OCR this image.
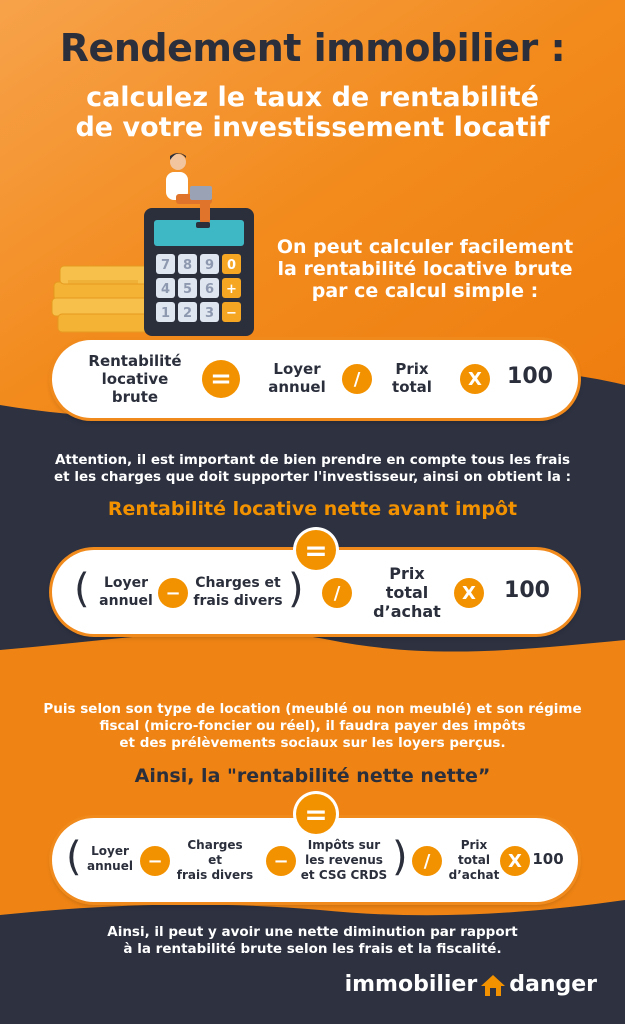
Rendement immobilier :
calculez le taux de rentabilité
de votre investissement locatif
7 8 9
4 5 6
1 2 3
0
+
−
On peut calculer facilement
la rentabilité locative brute
par ce calcul simple :
Rentabilité
locative
brute
=	Loyer
annuel	/	Prix
total	X	100
Attention, il est important de bien prendre en compte tous les frais
et les charges que doit supporter l'investisseur, ainsi on obtient la :
Rentabilité locative nette avant impôt
(	Loyer
annuel −	Charges et
frais divers )	/
Prix
total
d’achat
X	100
=
Puis selon son type de location (meublé ou non meublé) et son régime
fiscal (micro-foncier ou réel), il faudra payer des impôts
et des prélèvements sociaux sur les loyers perçus.
Ainsi, la "rentabilité nette nette”
( Loyer
annuel −
Charges
et
frais divers
−
Impôts sur
les revenus
et CSG CRDS ) /
Prix
total
d’achat
X 100
=
Ainsi, il peut y avoir une nette diminution par rapport
à la rentabilité brute selon les frais et la fiscalité.
immobilier danger
